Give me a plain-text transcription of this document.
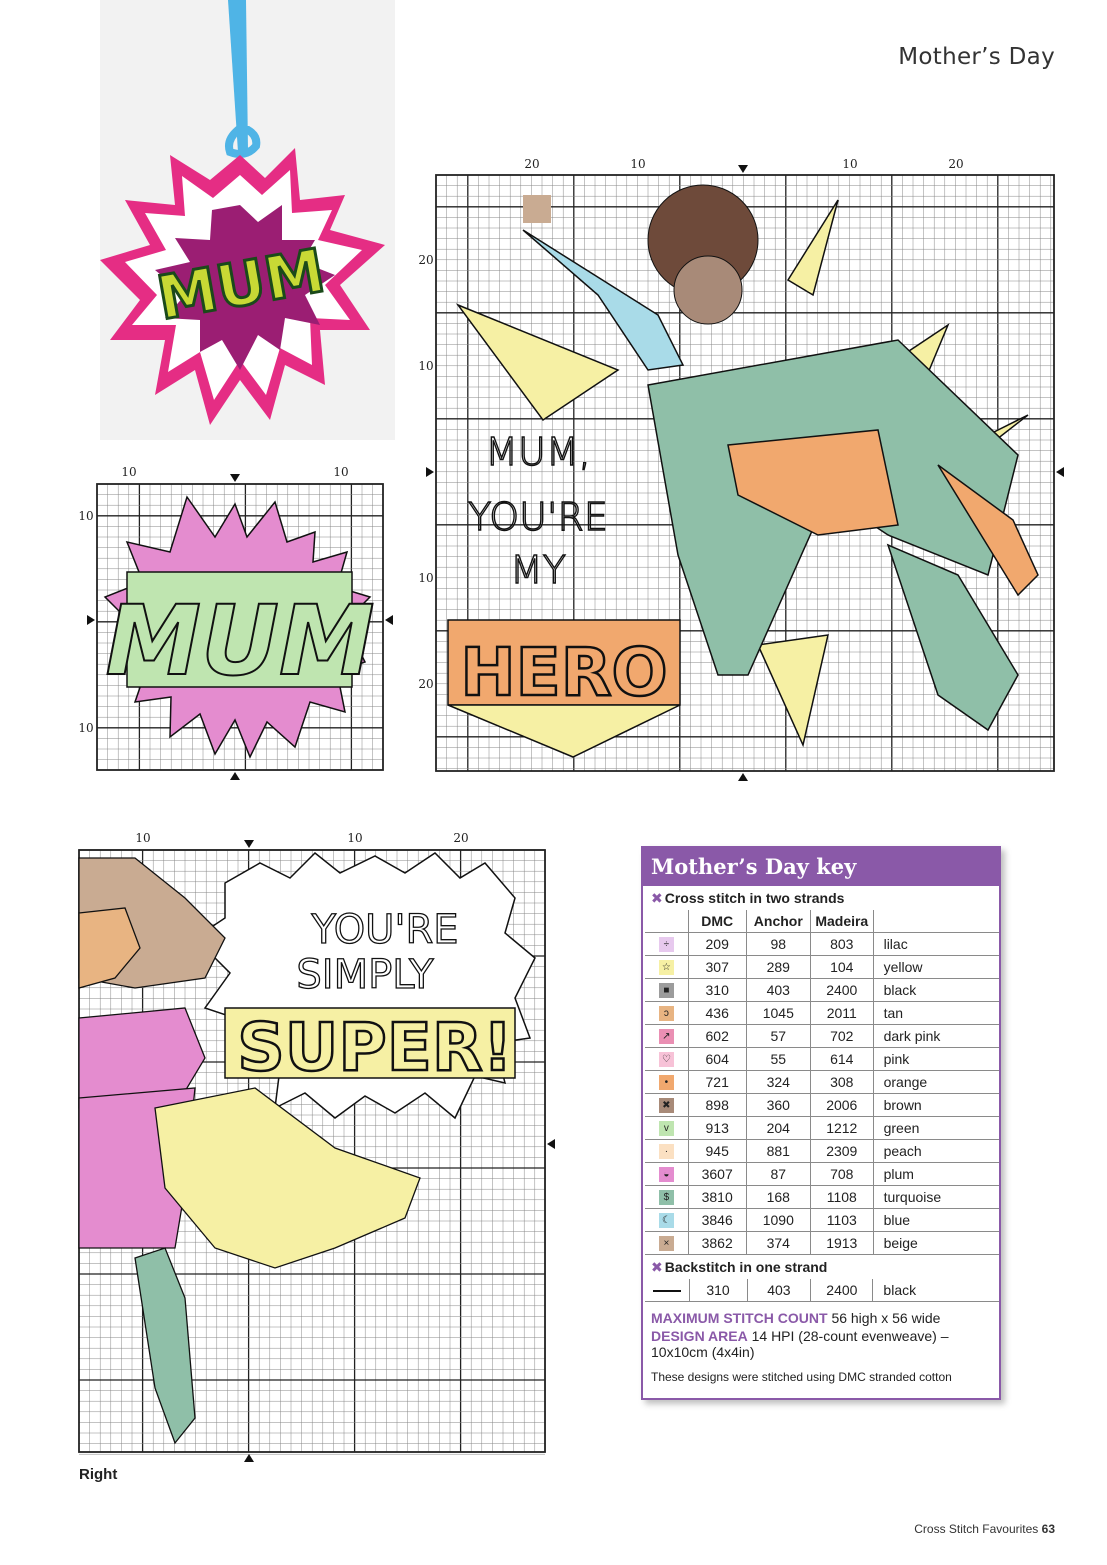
Mother’s Day
MUM
20	10	10	20
20
10
10
20
MUM,
YOU'RE
MY
HERO
10	10
10
10
MUM
10	10	20
YOU'RE
SIMPLY
SUPER!
Right
Mother’s Day key
✖ Cross stitch in two strands
	DMC	Anchor	Madeira	
÷	209	98	803	lilac
☆	307	289	104	yellow
■	310	403	2400	black
ɔ	436	1045	2011	tan
↗	602	57	702	dark pink
♡	604	55	614	pink
•	721	324	308	orange
✖	898	360	2006	brown
v	913	204	1212	green
·	945	881	2309	peach
◒	3607	87	708	plum
$	3810	168	1108	turquoise
☾	3846	1090	1103	blue
×	3862	374	1913	beige
✖ Backstitch in one strand
	310	403	2400	black
MAXIMUM STITCH COUNT 56 high x 56 wide
DESIGN AREA 14 HPI (28-count evenweave) – 10x10cm (4x4in)
These designs were stitched using DMC stranded cotton
Cross Stitch Favourites 63
